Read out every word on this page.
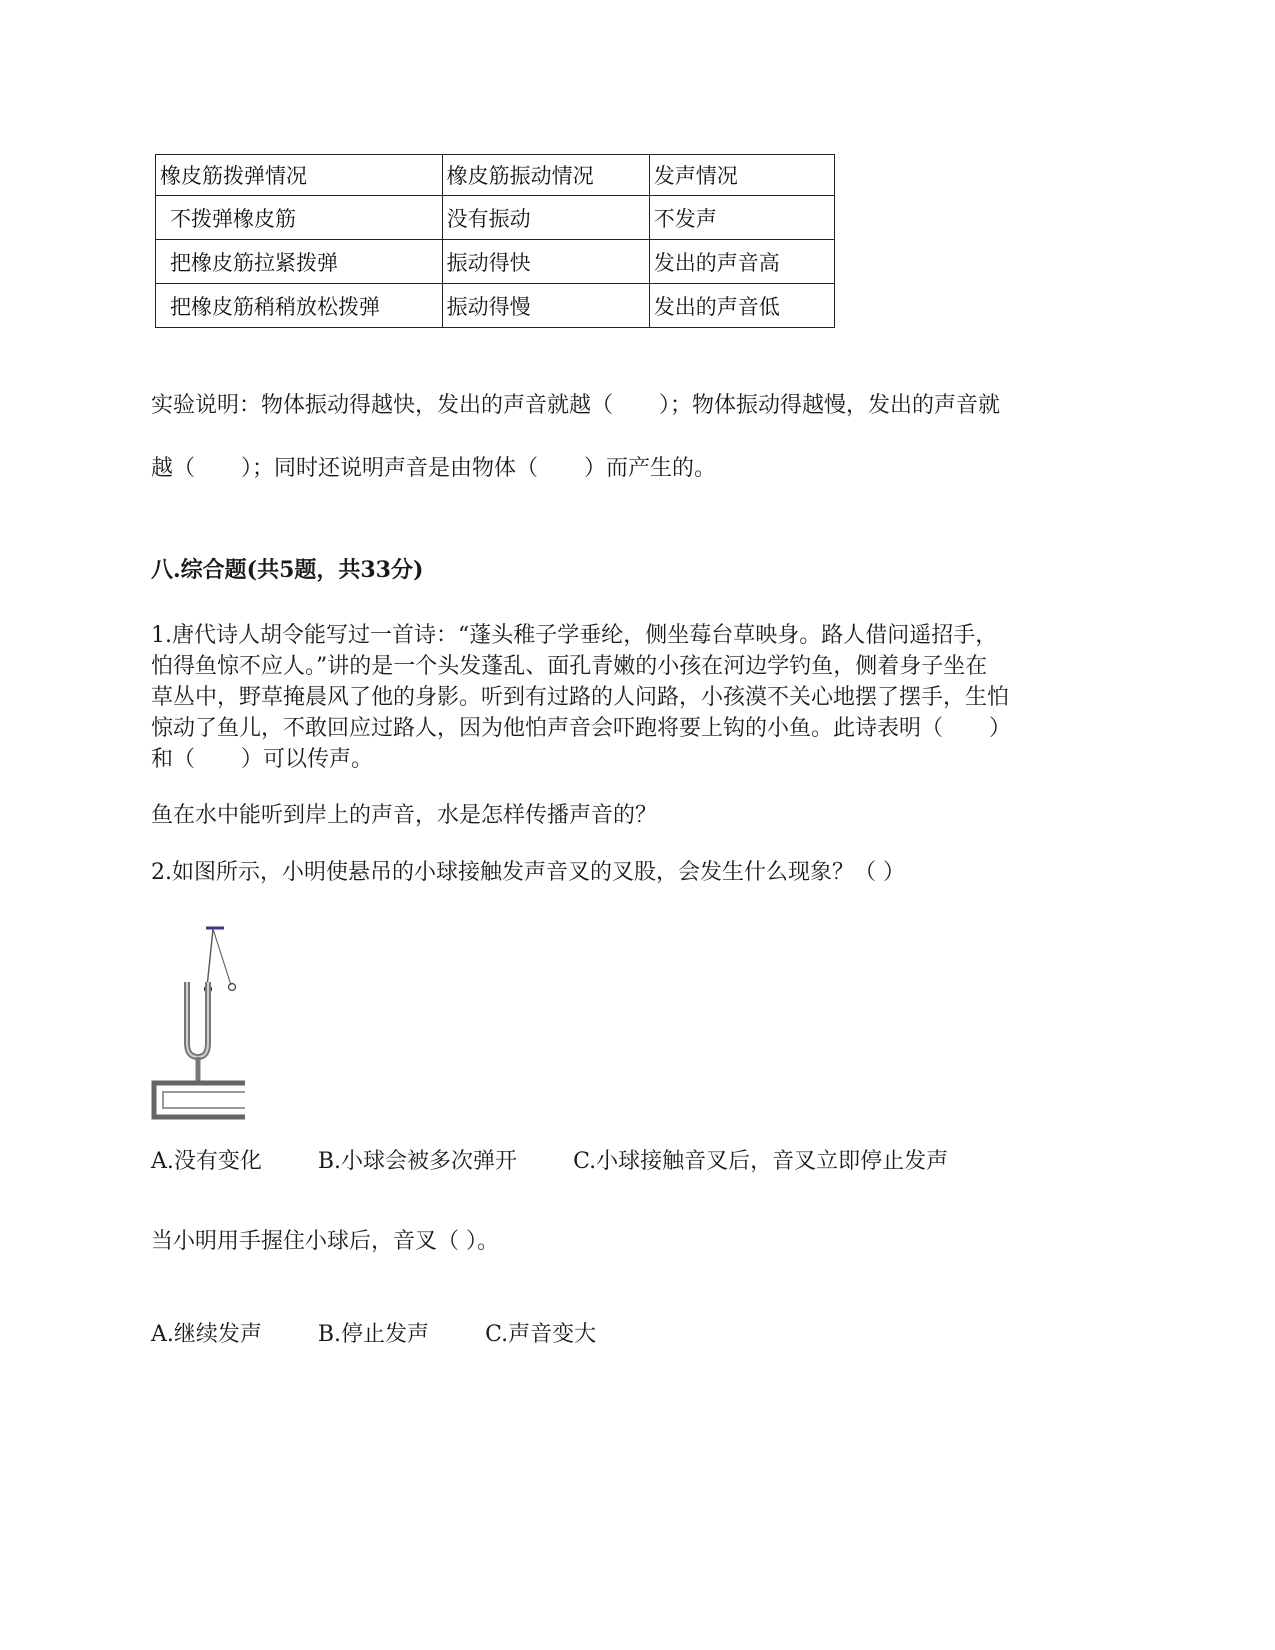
橡皮筋拨弹情况	橡皮筋振动情况	发声情况
不拨弹橡皮筋	没有振动	不发声
把橡皮筋拉紧拨弹	振动得快	发出的声音高
把橡皮筋稍稍放松拨弹	振动得慢	发出的声音低
实验说明：物体振动得越快，发出的声音就越（ ）；物体振动得越慢，发出的声音就
越（ ）；同时还说明声音是由物体（ ）而产生的。
八.综合题(共5题，共33分)
1.唐代诗人胡令能写过一首诗：“蓬头稚子学垂纶，侧坐莓台草映身。路人借问遥招手，
怕得鱼惊不应人。”讲的是一个头发蓬乱、面孔青嫩的小孩在河边学钓鱼，侧着身子坐在
草丛中，野草掩晨风了他的身影。听到有过路的人问路，小孩漠不关心地摆了摆手，生怕
惊动了鱼儿，不敢回应过路人，因为他怕声音会吓跑将要上钩的小鱼。此诗表明（ ）
和（ ）可以传声。
鱼在水中能听到岸上的声音，水是怎样传播声音的？
2.如图所示，小明使悬吊的小球接触发声音叉的叉股，会发生什么现象？（ ）
A.没有变化	B.小球会被多次弹开	C.小球接触音叉后，音叉立即停止发声
当小明用手握住小球后，音叉（ ）。
A.继续发声	B.停止发声	C.声音变大
